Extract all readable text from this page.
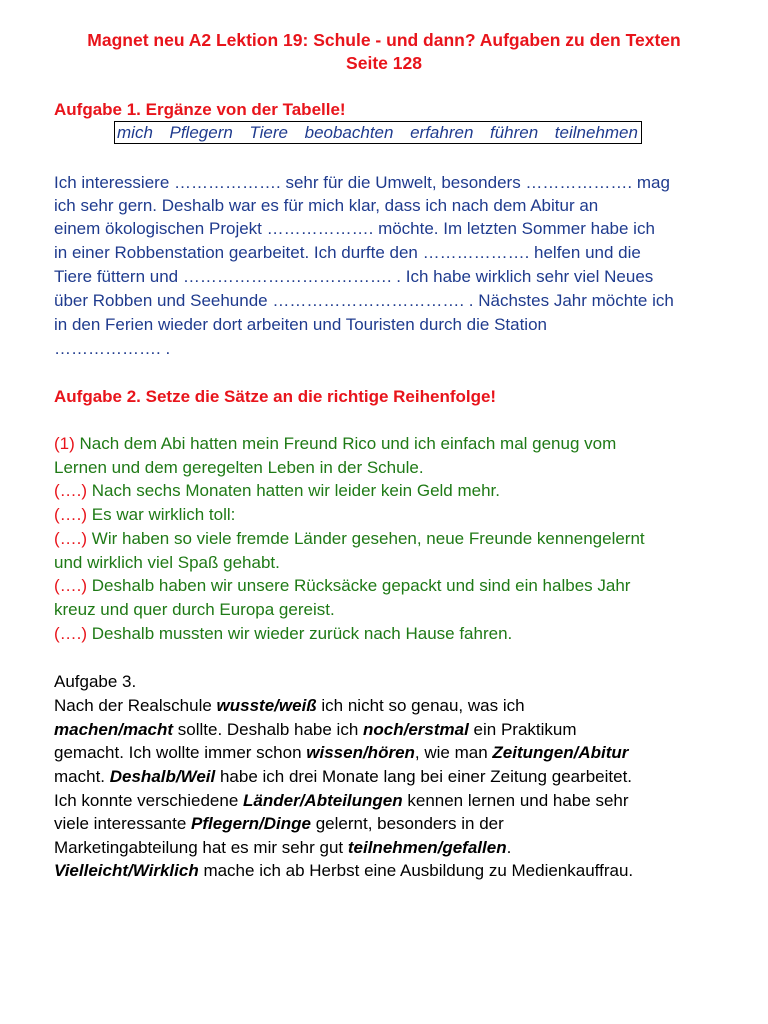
Magnet neu A2 Lektion 19: Schule - und dann? Aufgaben zu den Texten
Seite 128
Aufgabe 1. Ergänze von der Tabelle!
mich Pflegern Tiere beobachten erfahren führen teilnehmen
Ich interessiere ………………. sehr für die Umwelt, besonders ………………. mag
ich sehr gern. Deshalb war es für mich klar, dass ich nach dem Abitur an
einem ökologischen Projekt ………………. möchte. Im letzten Sommer habe ich
in einer Robbenstation gearbeitet. Ich durfte den ………………. helfen und die
Tiere füttern und ………………………………. . Ich habe wirklich sehr viel Neues
über Robben und Seehunde ……………………………. . Nächstes Jahr möchte ich
in den Ferien wieder dort arbeiten und Touristen durch die Station
………………. .
Aufgabe 2. Setze die Sätze an die richtige Reihenfolge!
(1) Nach dem Abi hatten mein Freund Rico und ich einfach mal genug vom
Lernen und dem geregelten Leben in der Schule.
(….) Nach sechs Monaten hatten wir leider kein Geld mehr.
(….) Es war wirklich toll:
(….) Wir haben so viele fremde Länder gesehen, neue Freunde kennengelernt
und wirklich viel Spaß gehabt.
(….) Deshalb haben wir unsere Rücksäcke gepackt und sind ein halbes Jahr
kreuz und quer durch Europa gereist.
(….) Deshalb mussten wir wieder zurück nach Hause fahren.
Aufgabe 3.
Nach der Realschule wusste/weiß ich nicht so genau, was ich
machen/macht sollte. Deshalb habe ich noch/erstmal ein Praktikum
gemacht. Ich wollte immer schon wissen/hören, wie man Zeitungen/Abitur
macht. Deshalb/Weil habe ich drei Monate lang bei einer Zeitung gearbeitet.
Ich konnte verschiedene Länder/Abteilungen kennen lernen und habe sehr
viele interessante Pflegern/Dinge gelernt, besonders in der
Marketingabteilung hat es mir sehr gut teilnehmen/gefallen.
Vielleicht/Wirklich mache ich ab Herbst eine Ausbildung zu Medienkauffrau.
